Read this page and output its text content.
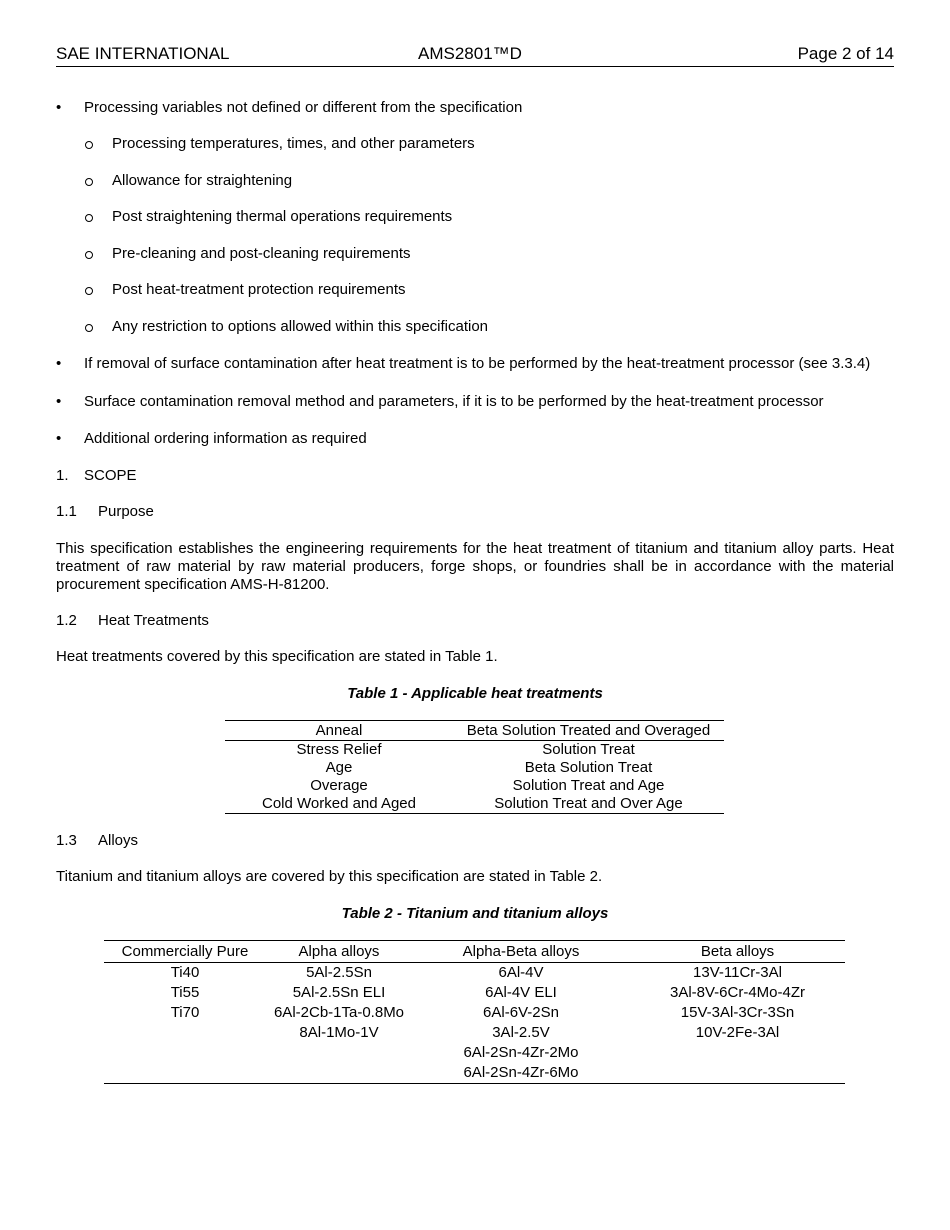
SAE INTERNATIONAL	AMS2801™D	Page 2 of 14
• Processing variables not defined or different from the specification
Processing temperatures, times, and other parameters
Allowance for straightening
Post straightening thermal operations requirements
Pre-cleaning and post-cleaning requirements
Post heat-treatment protection requirements
Any restriction to options allowed within this specification
• If removal of surface contamination after heat treatment is to be performed by the heat-treatment processor (see 3.3.4)
• Surface contamination removal method and parameters, if it is to be performed by the heat-treatment processor
• Additional ordering information as required
1. SCOPE
1.1 Purpose
This specification establishes the engineering requirements for the heat treatment of titanium and titanium alloy parts. Heat treatment of raw material by raw material producers, forge shops, or foundries shall be in accordance with the material procurement specification AMS-H-81200.
1.2 Heat Treatments
Heat treatments covered by this specification are stated in Table 1.
Table 1 - Applicable heat treatments
Anneal	Beta Solution Treated and Overaged
Stress Relief	Solution Treat
Age	Beta Solution Treat
Overage	Solution Treat and Age
Cold Worked and Aged	Solution Treat and Over Age
1.3 Alloys
Titanium and titanium alloys are covered by this specification are stated in Table 2.
Table 2 - Titanium and titanium alloys
Commercially Pure	Alpha alloys	Alpha-Beta alloys	Beta alloys
Ti40	5Al-2.5Sn	6Al-4V	13V-11Cr-3Al
Ti55	5Al-2.5Sn ELI	6Al-4V ELI	3Al-8V-6Cr-4Mo-4Zr
Ti70	6Al-2Cb-1Ta-0.8Mo	6Al-6V-2Sn	15V-3Al-3Cr-3Sn
	8Al-1Mo-1V	3Al-2.5V	10V-2Fe-3Al
		6Al-2Sn-4Zr-2Mo	
		6Al-2Sn-4Zr-6Mo	
